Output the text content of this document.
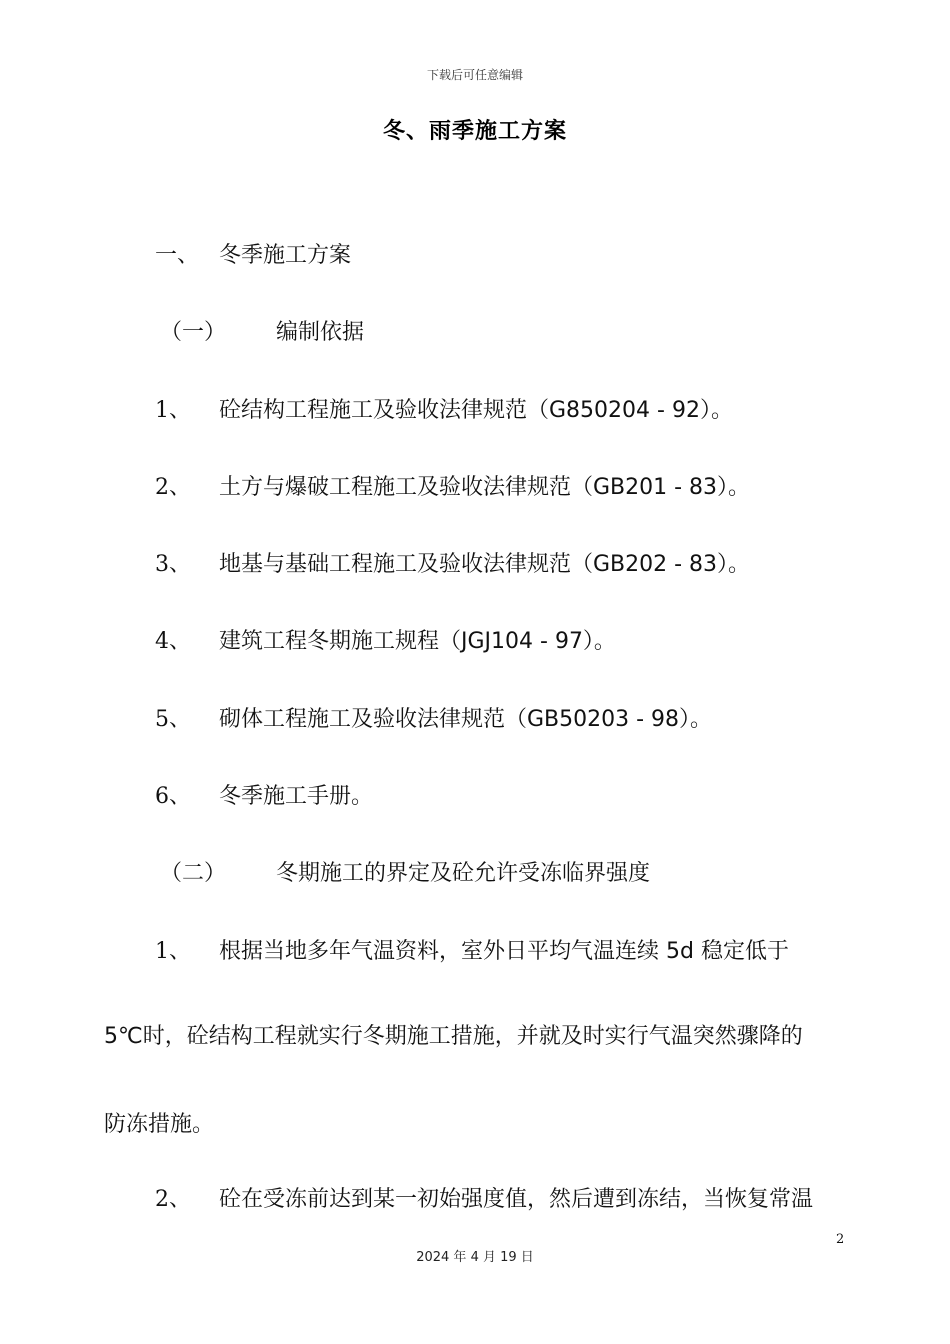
下载后可任意编辑
冬、雨季施工方案
一、 冬季施工方案
（一） 编制依据
1、 砼结构工程施工及验收法律规范（G850204 - 92）。
2、 土方与爆破工程施工及验收法律规范（GB201 - 83）。
3、 地基与基础工程施工及验收法律规范（GB202 - 83）。
4、 建筑工程冬期施工规程（JGJ104 - 97）。
5、 砌体工程施工及验收法律规范（GB50203 - 98）。
6、 冬季施工手册。
（二） 冬期施工的界定及砼允许受冻临界强度
1、 根据当地多年气温资料，室外日平均气温连续 5d 稳定低于
5℃时，砼结构工程就实行冬期施工措施，并就及时实行气温突然骤降的
防冻措施。
2、 砼在受冻前达到某一初始强度值，然后遭到冻结，当恢复常温
2
2024 年 4 月 19 日
